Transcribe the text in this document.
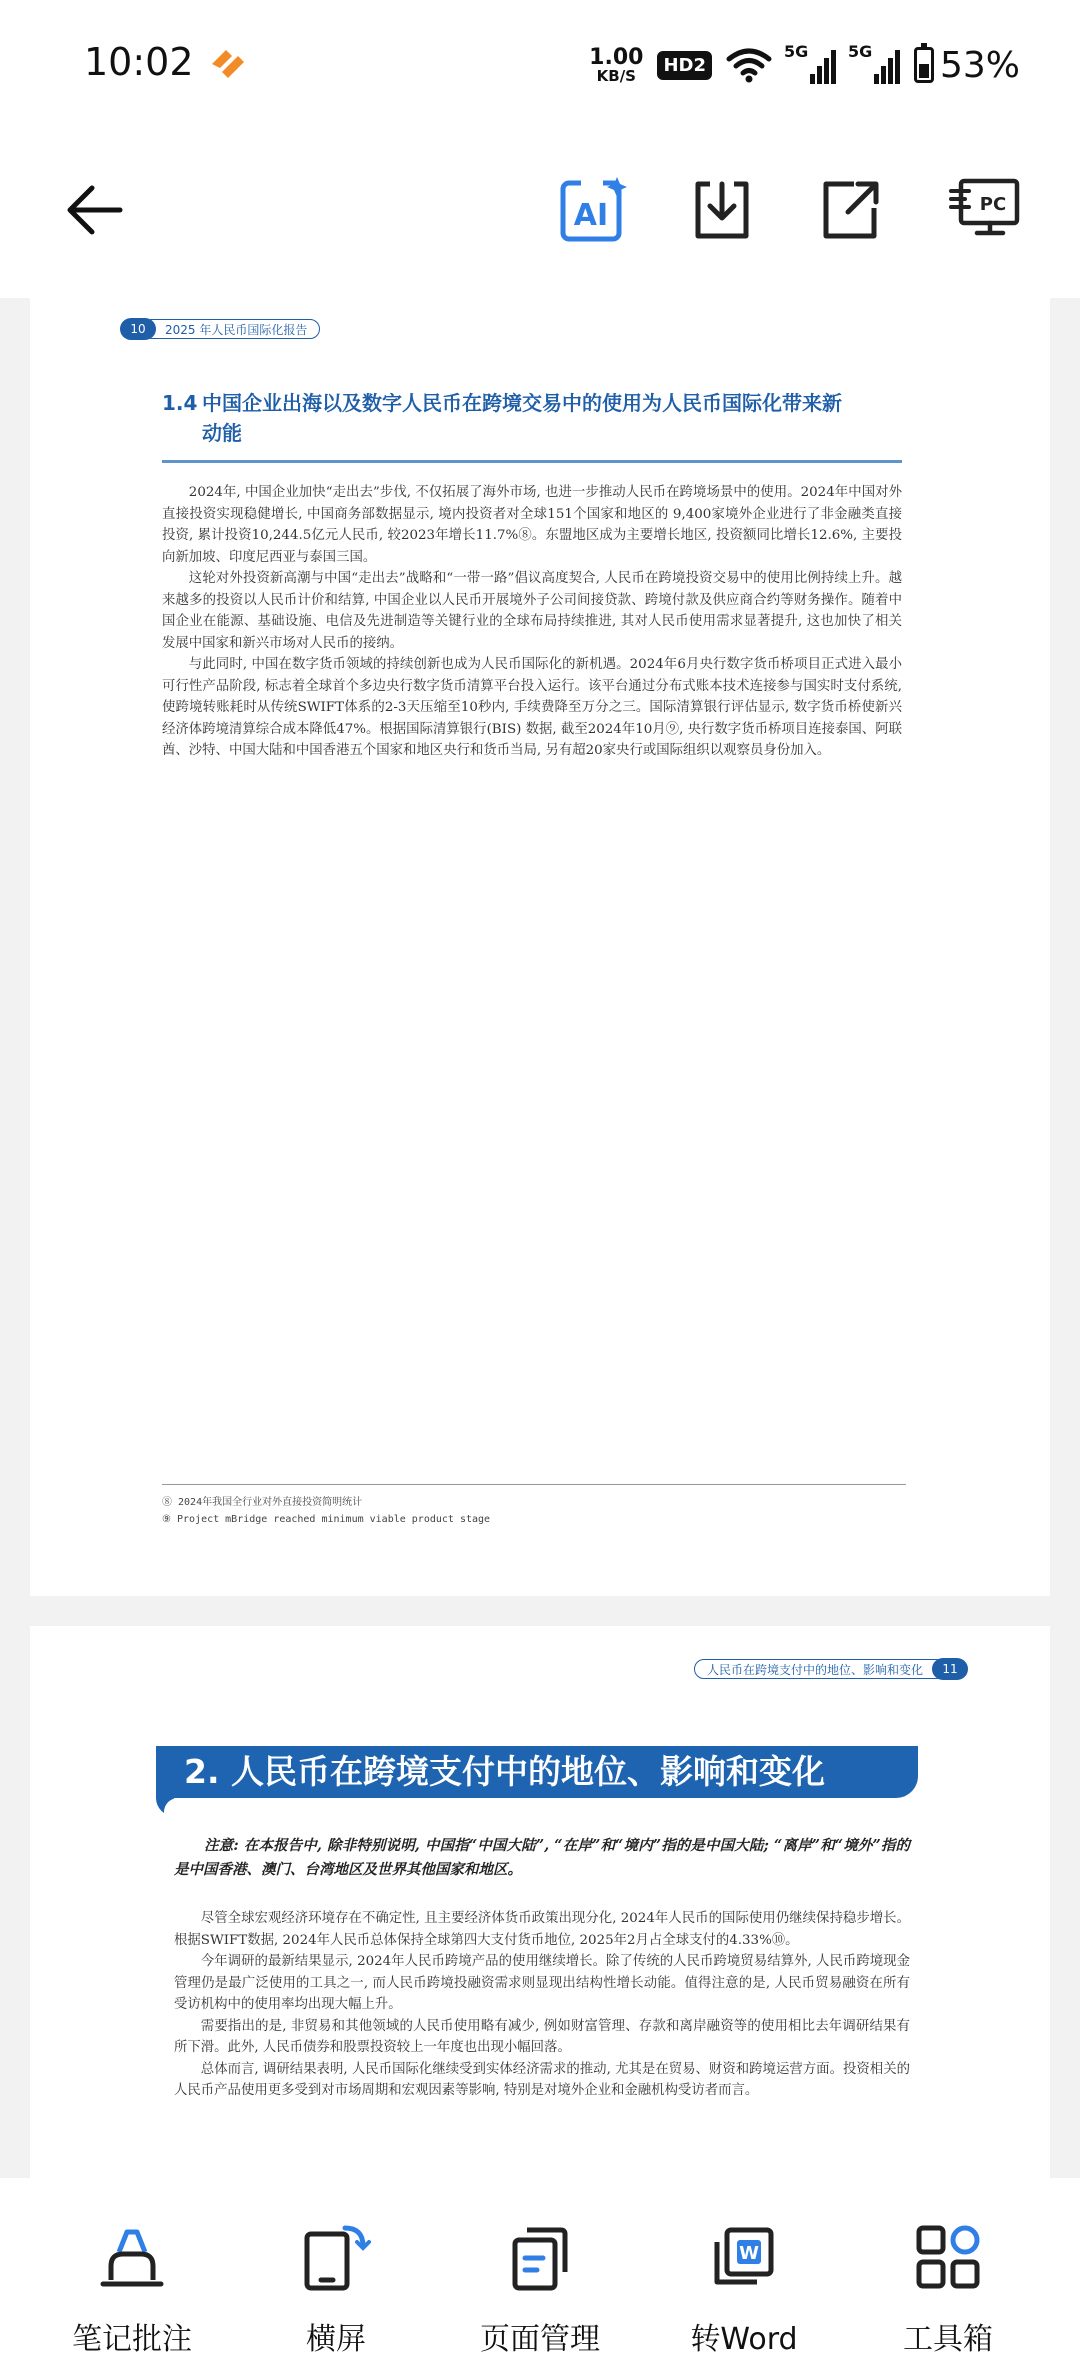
10:02	1.00
KB/S	HD2
5G 5G 53%
AI	PC
10	2025 年人民币国际化报告
1.4 中国企业出海以及数字人民币在跨境交易中的使用为人民币国际化带来新
动能

2024年, 中国企业加快“走出去”步伐, 不仅拓展了海外市场, 也进一步推动人民币在跨境场景中的使用。2024年中国对外直接投资实现稳健增长, 中国商务部数据显示, 境内投资者对全球151个国家和地区的 9,400家境外企业进行了非金融类直接投资, 累计投资10,244.5亿元人民币, 较2023年增长11.7%⑧。东盟地区成为主要增长地区, 投资额同比增长12.6%, 主要投向新加坡、印度尼西亚与泰国三国。

这轮对外投资新高潮与中国“走出去”战略和“一带一路”倡议高度契合, 人民币在跨境投资交易中的使用比例持续上升。越来越多的投资以人民币计价和结算, 中国企业以人民币开展境外子公司间接贷款、跨境付款及供应商合约等财务操作。随着中国企业在能源、基础设施、电信及先进制造等关键行业的全球布局持续推进, 其对人民币使用需求显著提升, 这也加快了相关发展中国家和新兴市场对人民币的接纳。

与此同时, 中国在数字货币领域的持续创新也成为人民币国际化的新机遇。2024年6月央行数字货币桥项目正式进入最小可行性产品阶段, 标志着全球首个多边央行数字货币清算平台投入运行。该平台通过分布式账本技术连接参与国实时支付系统, 使跨境转账耗时从传统SWIFT体系的2-3天压缩至10秒内, 手续费降至万分之三。国际清算银行评估显示, 数字货币桥使新兴经济体跨境清算综合成本降低47%。根据国际清算银行(BIS) 数据, 截至2024年10月⑨, 央行数字货币桥项目连接泰国、阿联酋、沙特、中国大陆和中国香港五个国家和地区央行和货币当局, 另有超20家央行或国际组织以观察员身份加入。

⑧ 2024年我国全行业对外直接投资简明统计
⑨ Project mBridge reached minimum viable product stage
人民币在跨境支付中的地位、影响和变化	11
2. 人民币在跨境支付中的地位、影响和变化
注意: 在本报告中, 除非特别说明, 中国指“中国大陆”, “在岸”和“境内”指的是中国大陆; “离岸”和“境外”指的是中国香港、澳门、台湾地区及世界其他国家和地区。

尽管全球宏观经济环境存在不确定性, 且主要经济体货币政策出现分化, 2024年人民币的国际使用仍继续保持稳步增长。根据SWIFT数据, 2024年人民币总体保持全球第四大支付货币地位, 2025年2月占全球支付的4.33%⑩。

今年调研的最新结果显示, 2024年人民币跨境产品的使用继续增长。除了传统的人民币跨境贸易结算外, 人民币跨境现金管理仍是最广泛使用的工具之一, 而人民币跨境投融资需求则显现出结构性增长动能。值得注意的是, 人民币贸易融资在所有受访机构中的使用率均出现大幅上升。

需要指出的是, 非贸易和其他领域的人民币使用略有减少, 例如财富管理、存款和离岸融资等的使用相比去年调研结果有所下滑。此外, 人民币债券和股票投资较上一年度也出现小幅回落。

总体而言, 调研结果表明, 人民币国际化继续受到实体经济需求的推动, 尤其是在贸易、财资和跨境运营方面。投资相关的人民币产品使用更多受到对市场周期和宏观因素等影响, 特别是对境外企业和金融机构受访者而言。

笔记批注	横屏	页面管理
W
转Word	工具箱
